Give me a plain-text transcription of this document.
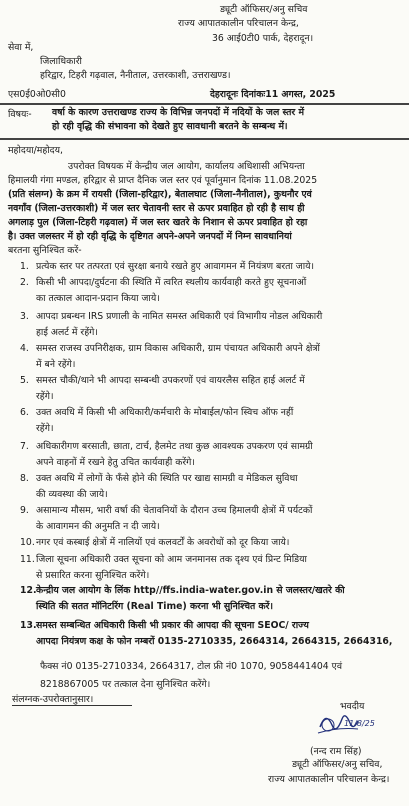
ड्यूटी ऑफिसर/अनु सचिव
राज्य आपातकालीन परिचालन केन्द्र,
36 आई0टी0 पार्क, देहरादून।
सेवा में,
जिलाधिकारी
हरिद्वार, टिहरी गढ़वाल, नैनीताल, उत्तरकाशी, उत्तराखण्ड।
एस0ई0ओ0सी0	देहरादूनः दिनांकः11 अगस्त, 2025
विषयः- वर्षा के कारण उत्तराखण्ड राज्य के विभिन्न जनपदों में नदियों के जल स्तर में
हो रही वृद्धि की संभावना को देखते हुए सावधानी बरतने के सम्बन्ध में।
महोदया/महोदय,
उपरोक्त विषयक में केन्द्रीय जल आयोग, कार्यालय अधिशासी अभियन्ता
हिमालयी गंगा मण्डल, हरिद्वार से प्राप्त दैनिक जल स्तर एवं पूर्वानुमान दिनांक 11.08.2025
(प्रति संलग्न) के क्रम में रायसी (जिला-हरिद्वार), बेतालघाट (जिला-नैनीताल), कुथनौर एवं
नवगाँव (जिला-उत्तरकाशी) में जल स्तर चेतावनी स्तर से ऊपर प्रवाहित हो रही है साथ ही
अगलाड़ पुल (जिला-टिहरी गढ़वाल) में जल स्तर खतरे के निशान से ऊपर प्रवाहित हो रहा
है। उक्त जलस्तर में हो रही वृद्धि के दृष्टिगत अपने-अपने जनपदों में निम्न सावधानियां
बरतना सुनिश्चित करें-
1. प्रत्येक स्तर पर तत्परता एवं सुरक्षा बनाये रखते हुए आवागमन में नियंत्रण बरता जाये।
2. किसी भी आपदा/दुर्घटना की स्थिति में त्वरित स्थलीय कार्यवाही करते हुए सूचनाओं
का तत्काल आदान-प्रदान किया जाये।
3. आपदा प्रबन्धन IRS प्रणाली के नामित समस्त अधिकारी एवं विभागीय नोडल अधिकारी
हाई अलर्ट में रहेंगे।
4. समस्त राजस्व उपनिरीक्षक, ग्राम विकास अधिकारी, ग्राम पंचायत अधिकारी अपने क्षेत्रों
में बने रहेंगे।
5. समस्त चौकी/थाने भी आपदा सम्बन्धी उपकरणों एवं वायरलैस सहित हाई अलर्ट में
रहेंगे।
6. उक्त अवधि में किसी भी अधिकारी/कर्मचारी के मोबाईल/फोन स्विच ऑफ नहीं
रहेंगे।
7. अधिकारीगण बरसाती, छाता, टार्च, हैलमेट तथा कुछ आवश्यक उपकरण एवं सामग्री
अपने वाहनों में रखने हेतु उचित कार्यवाही करेंगे।
8. उक्त अवधि में लोगों के फँसे होने की स्थिति पर खाद्य सामग्री व मेडिकल सुविधा
की व्यवस्था की जाये।
9. असामान्य मौसम, भारी वर्षा की चेतावनियों के दौरान उच्च हिमालयी क्षेत्रों में पर्यटकों
के आवागमन की अनुमति न दी जाये।
10. नगर एवं कस्बाई क्षेत्रों में नालियों एवं कलवर्टों के अवरोधों को दूर किया जाये।
11. जिला सूचना अधिकारी उक्त सूचना को आम जनमानस तक दृश्य एवं प्रिन्ट मिडिया
से प्रसारित करना सुनिश्चित करेंगे।
12. केन्द्रीय जल आयोग के लिंक http//ffs.india-water.gov.in से जलस्तर/खतरे की
स्थिति की सतत मॉनिटरिंग (Real Time) करना भी सुनिश्चित करें।
13. समस्त सम्बन्धित अधिकारी किसी भी प्रकार की आपदा की सूचना SEOC/ राज्य
आपदा नियंत्रण कक्ष के फोन नम्बरों 0135-2710335, 2664314, 2664315, 2664316,
फैक्स नं0 0135-2710334, 2664317, टोल फ्री नं0 1070, 9058441404 एवं
8218867005 पर तत्काल देना सुनिश्चित करेंगे।
संलग्नक-उपरोक्तानुसार।
भवदीय
11/8/25
(नन्द राम सिंह)
ड्यूटी ऑफिसर/अनु सचिव,
राज्य आपातकालीन परिचालन केन्द्र।
